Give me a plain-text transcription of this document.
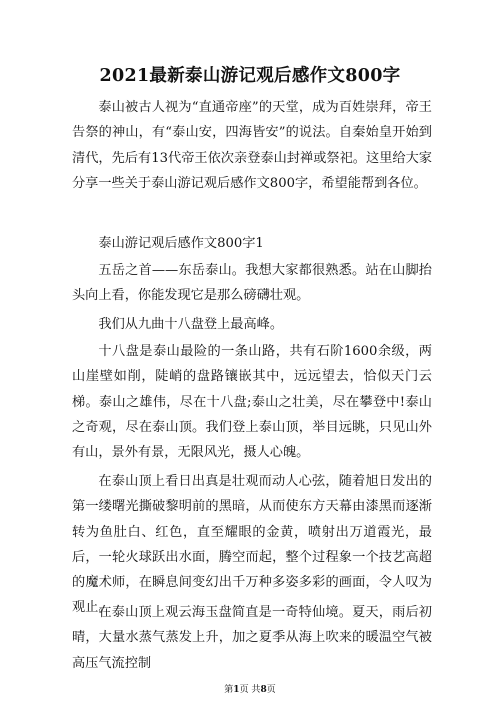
2021最新泰山游记观后感作文800字

泰山被古人视为“直通帝座”的天堂，成为百姓崇拜，帝王告祭的神山，有“泰山安，四海皆安”的说法。自秦始皇开始到清代，先后有13代帝王依次亲登泰山封禅或祭祀。这里给大家分享一些关于泰山游记观后感作文800字，希望能帮到各位。

泰山游记观后感作文800字1

五岳之首——东岳泰山。我想大家都很熟悉。站在山脚抬头向上看，你能发现它是那么磅礴壮观。

我们从九曲十八盘登上最高峰。

十八盘是泰山最险的一条山路，共有石阶1600余级，两山崖壁如削，陡峭的盘路镶嵌其中，远远望去，恰似天门云梯。泰山之雄伟，尽在十八盘;泰山之壮美，尽在攀登中!泰山之奇观，尽在泰山顶。我们登上泰山顶，举目远眺，只见山外有山，景外有景，无限风光，摄人心魄。

在泰山顶上看日出真是壮观而动人心弦，随着旭日发出的第一缕曙光撕破黎明前的黑暗，从而使东方天幕由漆黑而逐渐转为鱼肚白、红色，直至耀眼的金黄，喷射出万道霞光，最后，一轮火球跃出水面，腾空而起，整个过程象一个技艺高超的魔术师，在瞬息间变幻出千万种多姿多彩的画面，令人叹为观止。

在泰山顶上观云海玉盘简直是一奇特仙境。夏天，雨后初晴，大量水蒸气蒸发上升，加之夏季从海上吹来的暖温空气被高压气流控制

第1页 共8页
